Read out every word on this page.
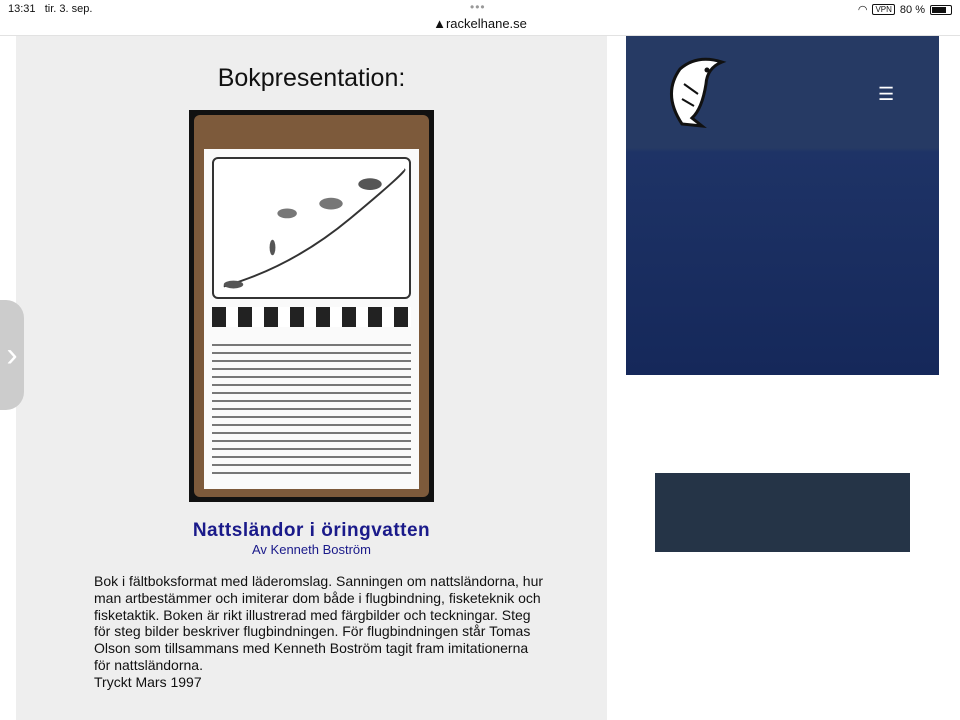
13:31 tir. 3. sep.	•••
▲rackelhane.se
◠	VPN 80 %
Bokpresentation:
Nattsländor i öringvatten
Av Kenneth Boström
Bok i fältboksformat med läderomslag. Sanningen om nattsländorna, hur man artbestämmer och imiterar dom både i flugbindning, fisketeknik och fisketaktik. Boken är rikt illustrerad med färgbilder och teckningar. Steg för steg bilder beskriver flugbindningen. För flugbindningen står Tomas Olson som tillsammans med Kenneth Boström tagit fram imitationerna för nattsländorna.
Tryckt Mars 1997
›
☰
